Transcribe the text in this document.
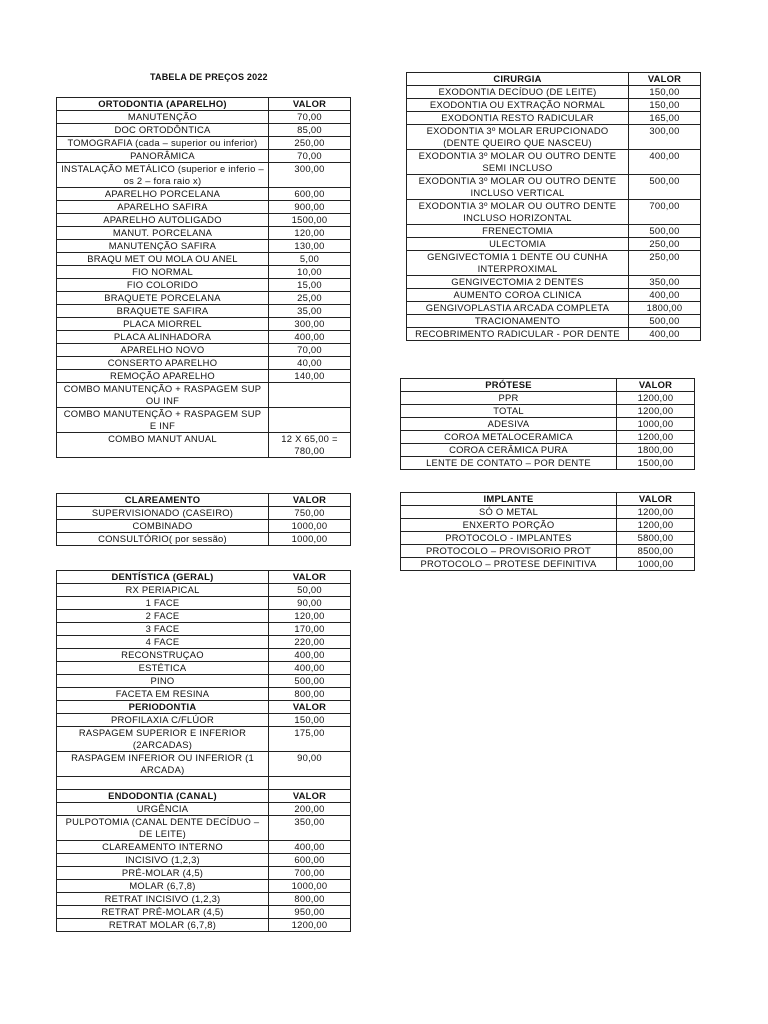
TABELA DE PREÇOS 2022
ORTODONTIA (APARELHO)	VALOR
MANUTENÇÃO	70,00
DOC ORTODÔNTICA	85,00
TOMOGRAFIA (cada – superior ou inferior)	250,00
PANORÂMICA	70,00
INSTALAÇÃO METÁLICO (superior e inferio – os 2 – fora raio x)	300,00
APARELHO PORCELANA	600,00
APARELHO SAFIRA	900,00
APARELHO AUTOLIGADO	1500,00
MANUT. PORCELANA	120,00
MANUTENÇÃO SAFIRA	130,00
BRAQU MET OU MOLA OU ANEL	5,00
FIO NORMAL	10,00
FIO COLORIDO	15,00
BRAQUETE PORCELANA	25,00
BRAQUETE SAFIRA	35,00
PLACA MIORREL	300,00
PLACA ALINHADORA	400,00
APARELHO NOVO	70,00
CONSERTO APARELHO	40,00
REMOÇÃO APARELHO	140,00
COMBO MANUTENÇÃO + RASPAGEM SUP OU INF	
COMBO MANUTENÇÃO + RASPAGEM SUP E INF	
COMBO MANUT ANUAL	12 X 65,00 = 780,00
CLAREAMENTO	VALOR
SUPERVISIONADO (CASEIRO)	750,00
COMBINADO	1000,00
CONSULTÓRIO( por sessão)	1000,00
DENTÍSTICA (GERAL)	VALOR
RX PERIAPICAL	50,00
1 FACE	90,00
2 FACE	120,00
3 FACE	170,00
4 FACE	220,00
RECONSTRUÇAO	400,00
ESTÉTICA	400,00
PINO	500,00
FACETA EM RESINA	800,00
PERIODONTIA	VALOR
PROFILAXIA C/FLÚOR	150,00
RASPAGEM SUPERIOR E INFERIOR (2ARCADAS)	175,00
RASPAGEM INFERIOR OU INFERIOR (1 ARCADA)	90,00

ENDODONTIA (CANAL)	VALOR
URGÊNCIA	200,00
PULPOTOMIA (CANAL DENTE DECÍDUO – DE LEITE)	350,00
CLAREAMENTO INTERNO	400,00
INCISIVO (1,2,3)	600,00
PRÉ-MOLAR (4,5)	700,00
MOLAR (6,7,8)	1000,00
RETRAT INCISIVO (1,2,3)	800,00
RETRAT PRÉ-MOLAR (4,5)	950,00
RETRAT MOLAR (6,7,8)	1200,00
CIRURGIA	VALOR
EXODONTIA DECÍDUO (DE LEITE)	150,00
EXODONTIA OU EXTRAÇÃO NORMAL	150,00
EXODONTIA RESTO RADICULAR	165,00
EXODONTIA 3º MOLAR ERUPCIONADO (DENTE QUEIRO QUE NASCEU)	300,00
EXODONTIA 3º MOLAR OU OUTRO DENTE SEMI INCLUSO	400,00
EXODONTIA 3º MOLAR OU OUTRO DENTE INCLUSO VERTICAL	500,00
EXODONTIA 3º MOLAR OU OUTRO DENTE INCLUSO HORIZONTAL	700,00
FRENECTOMIA	500,00
ULECTOMIA	250,00
GENGIVECTOMIA 1 DENTE OU CUNHA INTERPROXIMAL	250,00
GENGIVECTOMIA 2 DENTES	350,00
AUMENTO COROA CLINICA	400,00
GENGIVOPLASTIA ARCADA COMPLETA	1800,00
TRACIONAMENTO	500,00
RECOBRIMENTO RADICULAR - POR DENTE	400,00
PRÓTESE	VALOR
PPR	1200,00
TOTAL	1200,00
ADESIVA	1000,00
COROA METALOCERAMICA	1200,00
COROA CERÂMICA PURA	1800,00
LENTE DE CONTATO – POR DENTE	1500,00
IMPLANTE	VALOR
SÓ O METAL	1200,00
ENXERTO PORÇÃO	1200,00
PROTOCOLO - IMPLANTES	5800,00
PROTOCOLO – PROVISORIO PROT	8500,00
PROTOCOLO – PROTESE DEFINITIVA	1000,00
